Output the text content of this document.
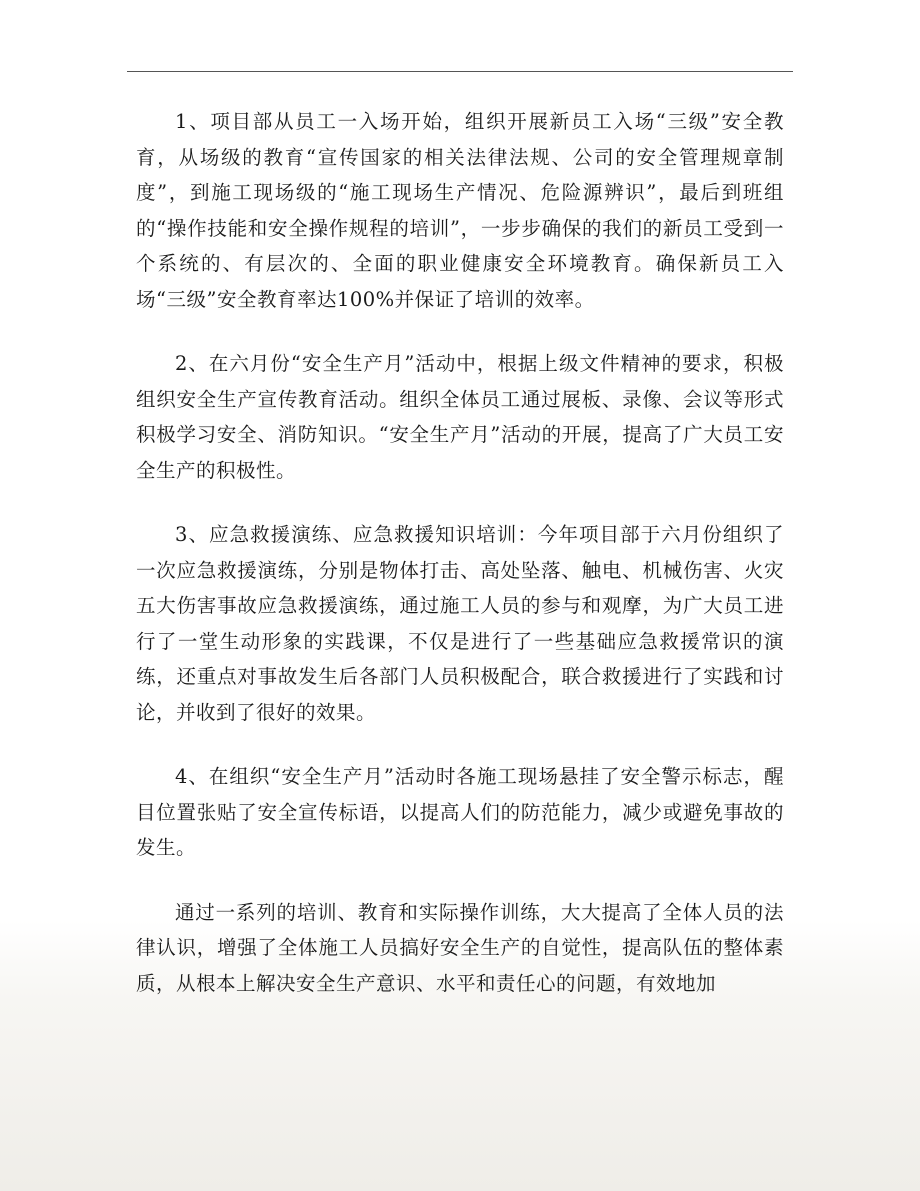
1、项目部从员工一入场开始，组织开展新员工入场“三级”安全教育，从场级的教育“宣传国家的相关法律法规、公司的安全管理规章制度”，到施工现场级的“施工现场生产情况、危险源辨识”，最后到班组的“操作技能和安全操作规程的培训”，一步步确保的我们的新员工受到一个系统的、有层次的、全面的职业健康安全环境教育。确保新员工入场“三级”安全教育率达100%并保证了培训的效率。

2、在六月份“安全生产月”活动中，根据上级文件精神的要求，积极组织安全生产宣传教育活动。组织全体员工通过展板、录像、会议等形式积极学习安全、消防知识。“安全生产月”活动的开展，提高了广大员工安全生产的积极性。

3、应急救援演练、应急救援知识培训：今年项目部于六月份组织了一次应急救援演练，分别是物体打击、高处坠落、触电、机械伤害、火灾五大伤害事故应急救援演练，通过施工人员的参与和观摩，为广大员工进行了一堂生动形象的实践课，不仅是进行了一些基础应急救援常识的演练，还重点对事故发生后各部门人员积极配合，联合救援进行了实践和讨论，并收到了很好的效果。

4、在组织“安全生产月”活动时各施工现场悬挂了安全警示标志，醒目位置张贴了安全宣传标语，以提高人们的防范能力，减少或避免事故的发生。

通过一系列的培训、教育和实际操作训练，大大提高了全体人员的法律认识，增强了全体施工人员搞好安全生产的自觉性，提高队伍的整体素质，从根本上解决安全生产意识、水平和责任心的问题，有效地加
